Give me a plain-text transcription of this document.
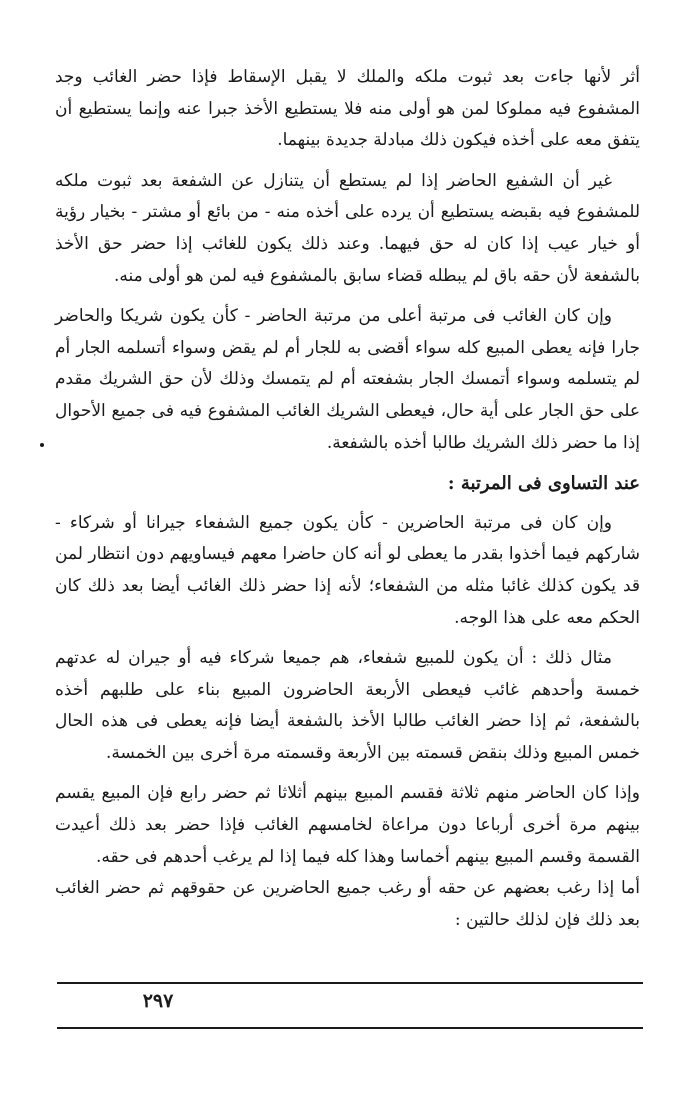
أثر لأنها جاءت بعد ثبوت ملكه والملك لا يقبل الإسقاط فإذا حضر الغائب وجد المشفوع فيه مملوكا لمن هو أولى منه فلا يستطيع الأخذ جبرا عنه وإنما يستطيع أن يتفق معه على أخذه فيكون ذلك مبادلة جديدة بينهما.

غير أن الشفيع الحاضر إذا لم يستطع أن يتنازل عن الشفعة بعد ثبوت ملكه للمشفوع فيه بقبضه يستطيع أن يرده على أخذه منه - من بائع أو مشتر - بخيار رؤية أو خيار عيب إذا كان له حق فيهما. وعند ذلك يكون للغائب إذا حضر حق الأخذ بالشفعة لأن حقه باق لم يبطله قضاء سابق بالمشفوع فيه لمن هو أولى منه.

وإن كان الغائب فى مرتبة أعلى من مرتبة الحاضر - كأن يكون شريكا والحاضر جارا فإنه يعطى المبيع كله سواء أقضى به للجار أم لم يقض وسواء أتسلمه الجار أم لم يتسلمه وسواء أتمسك الجار بشفعته أم لم يتمسك وذلك لأن حق الشريك مقدم على حق الجار على أية حال، فيعطى الشريك الغائب المشفوع فيه فى جميع الأحوال إذا ما حضر ذلك الشريك طالبا أخذه بالشفعة.

عند التساوى فى المرتبة :

وإن كان فى مرتبة الحاضرين - كأن يكون جميع الشفعاء جيرانا أو شركاء - شاركهم فيما أخذوا بقدر ما يعطى لو أنه كان حاضرا معهم فيساويهم دون انتظار لمن قد يكون كذلك غائبا مثله من الشفعاء؛ لأنه إذا حضر ذلك الغائب أيضا بعد ذلك كان الحكم معه على هذا الوجه.

مثال ذلك : أن يكون للمبيع شفعاء، هم جميعا شركاء فيه أو جيران له عدتهم خمسة وأحدهم غائب فيعطى الأربعة الحاضرون المبيع بناء على طلبهم أخذه بالشفعة، ثم إذا حضر الغائب طالبا الأخذ بالشفعة أيضا فإنه يعطى فى هذه الحال خمس المبيع وذلك بنقض قسمته بين الأربعة وقسمته مرة أخرى بين الخمسة.

وإذا كان الحاضر منهم ثلاثة فقسم المبيع بينهم أثلاثا ثم حضر رابع فإن المبيع يقسم بينهم مرة أخرى أرباعا دون مراعاة لخامسهم الغائب فإذا حضر بعد ذلك أعيدت القسمة وقسم المبيع بينهم أخماسا وهذا كله فيما إذا لم يرغب أحدهم فى حقه.

أما إذا رغب بعضهم عن حقه أو رغب جميع الحاضرين عن حقوقهم ثم حضر الغائب بعد ذلك فإن لذلك حالتين :

٢٩٧
